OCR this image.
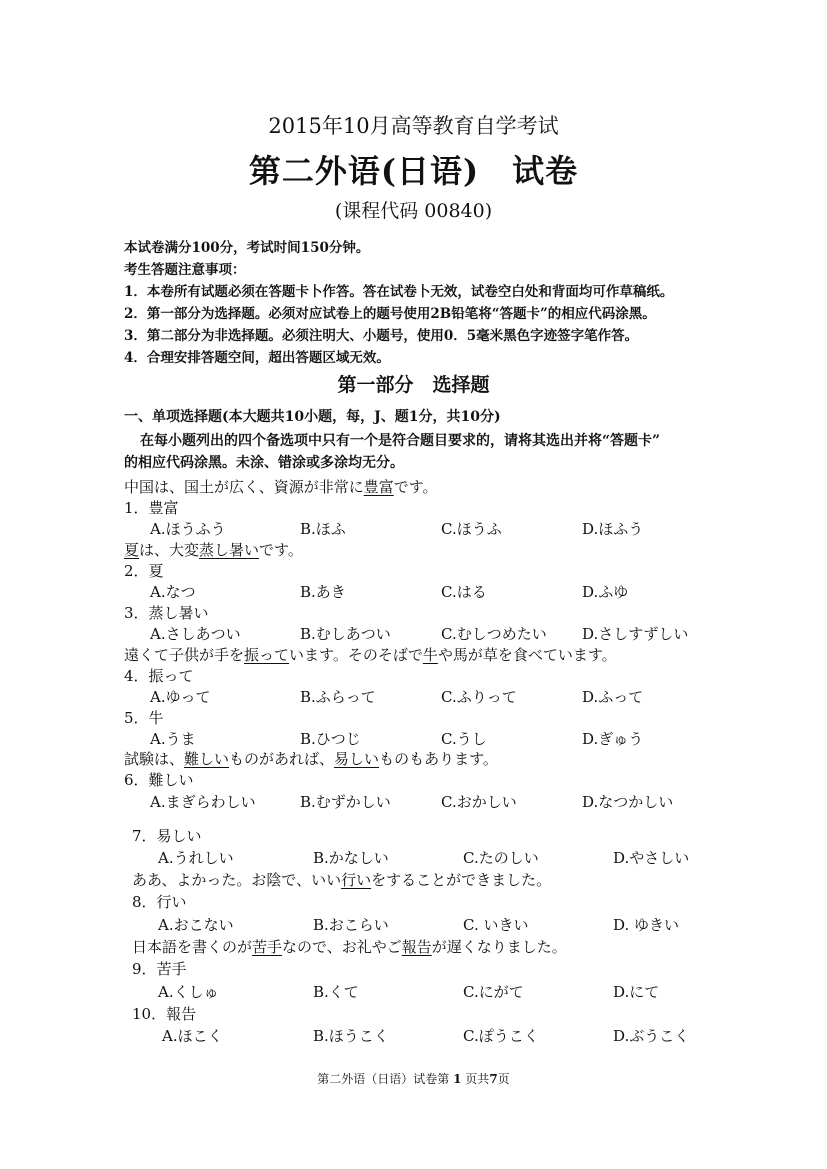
2015年10月高等教育自学考试
第二外语(日语)　试卷
(课程代码 00840)
本试卷满分100分，考试时间150分钟。
考生答题注意事项：
1．本卷所有试题必须在答题卡卜作答。答在试卷卜无效，试卷空白处和背面均可作草稿纸。
2．第一部分为选择题。必须对应试卷上的题号使用2B铅笔将“答题卡”的相应代码涂黑。
3．第二部分为非选择题。必须注明大、小题号，使用0．5毫米黑色字迹签字笔作答。
4．合理安排答题空间，超出答题区域无效。
第一部分　选择题
一、单项选择题(本大题共10小题，每，J、题1分，共10分)
在每小题列出的四个备选项中只有一个是符合题目要求的，请将其选出并将“答题卡”
的相应代码涂黑。未涂、错涂或多涂均无分。
中国は、国土が広く、資源が非常に豊富です。
1．豊富
A.ほうふう	B.ほふ	C.ほうふ	D.ほふう
夏は、大変蒸し暑いです。
2．夏
A.なつ	B.あき	C.はる	D.ふゆ
3．蒸し暑い
A.さしあつい	B.むしあつい	C.むしつめたい D.さしすずしい
遠くて子供が手を振っています。そのそばで牛や馬が草を食べています。
4．振って
A.ゆって	B.ふらって	C.ふりって	D.ふって
5．牛
A.うま	B.ひつじ	C.うし	D.ぎゅう
試験は、難しいものがあれば、易しいものもあります。
6．難しい
A.まぎらわしい	B.むずかしい	C.おかしい	D.なつかしい
7．易しい
A.うれしい	B.かなしい	C.たのしい	D.やさしい
ああ、よかった。お陰で、いい行いをすることができました。
8．行い
A.おこない	B.おこらい	C. いきい	D. ゆきい
日本語を書くのが苦手なので、お礼やご報告が遅くなりました。
9．苦手
A.くしゅ	B.くて	C.にがて	D.にて
10．報告
A.ほこく	B.ほうこく	C.ぽうこく	D.ぶうこく
第二外语（日语）试卷第 1 页共7页
